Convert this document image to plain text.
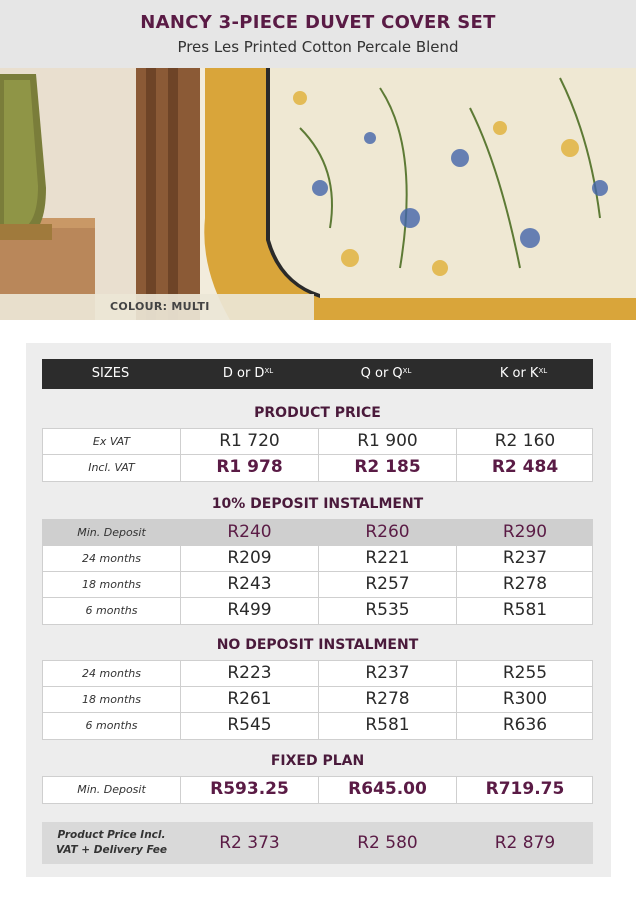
NANCY 3-PIECE DUVET COVER SET
Pres Les Printed Cotton Percale Blend
COLOUR: MULTI
SIZES	D or $D^{XL}$	Q or $Q^{XL}$	K or $K^{XL}$
PRODUCT PRICE
Ex VAT	R1 720	R1 900	R2 160
Incl. VAT	R1 978	R2 185	R2 484
10% DEPOSIT INSTALMENT
Min. Deposit	R240	R260	R290
24 months	R209	R221	R237
18 months	R243	R257	R278
6 months	R499	R535	R581
NO DEPOSIT INSTALMENT
24 months	R223	R237	R255
18 months	R261	R278	R300
6 months	R545	R581	R636
FIXED PLAN
Min. Deposit	R593.25	R645.00	R719.75
Product Price Incl.
VAT + Delivery Fee	R2 373	R2 580	R2 879
